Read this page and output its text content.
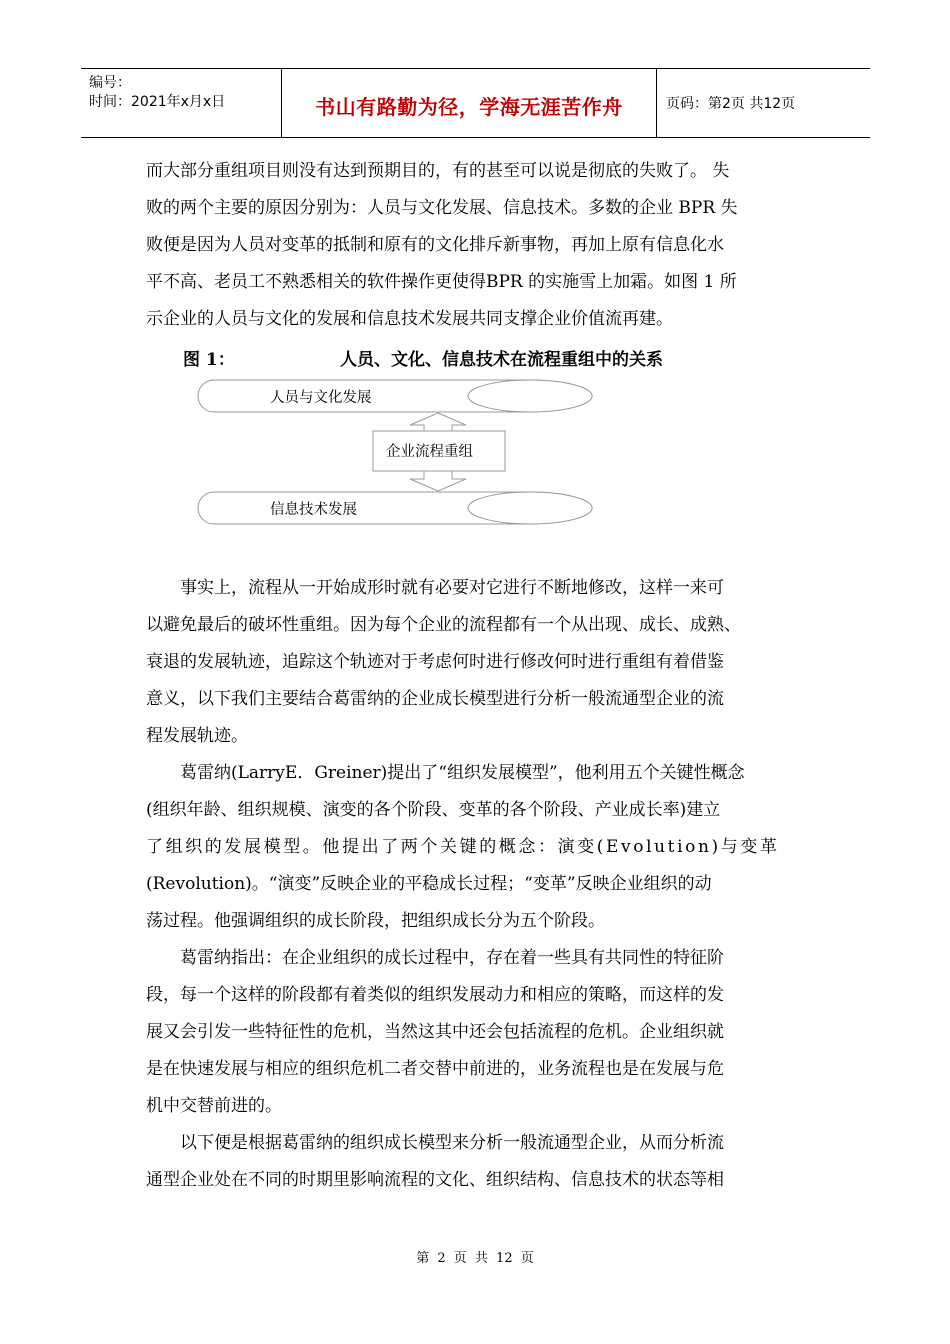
编号：
时间：2021年x月x日	书山有路勤为径，学海无涯苦作舟	页码：第2页 共12页
而大部分重组项目则没有达到预期目的，有的甚至可以说是彻底的失败了。 失
败的两个主要的原因分别为：人员与文化发展、信息技术。多数的企业 BPR 失
败便是因为人员对变革的抵制和原有的文化排斥新事物，再加上原有信息化水
平不高、老员工不熟悉相关的软件操作更使得BPR 的实施雪上加霜。如图 1 所
示企业的人员与文化的发展和信息技术发展共同支撑企业价值流再建。
图 1：	人员、文化、信息技术在流程重组中的关系
人员与文化发展
企业流程重组
信息技术发展
事实上，流程从一开始成形时就有必要对它进行不断地修改，这样一来可
以避免最后的破坏性重组。因为每个企业的流程都有一个从出现、成长、成熟、
衰退的发展轨迹，追踪这个轨迹对于考虑何时进行修改何时进行重组有着借鉴
意义，以下我们主要结合葛雷纳的企业成长模型进行分析一般流通型企业的流
程发展轨迹。
葛雷纳(LarryE．Greiner)提出了“组织发展模型”，他利用五个关键性概念
(组织年龄、组织规模、演变的各个阶段、变革的各个阶段、产业成长率)建立
了组织的发展模型。他提出了两个关键的概念：演变(Evolution)与变革
(Revolution)。“演变”反映企业的平稳成长过程；“变革”反映企业组织的动
荡过程。他强调组织的成长阶段，把组织成长分为五个阶段。
葛雷纳指出：在企业组织的成长过程中，存在着一些具有共同性的特征阶
段，每一个这样的阶段都有着类似的组织发展动力和相应的策略，而这样的发
展又会引发一些特征性的危机，当然这其中还会包括流程的危机。企业组织就
是在快速发展与相应的组织危机二者交替中前进的，业务流程也是在发展与危
机中交替前进的。
以下便是根据葛雷纳的组织成长模型来分析一般流通型企业，从而分析流
通型企业处在不同的时期里影响流程的文化、组织结构、信息技术的状态等相
第 2 页 共 12 页
